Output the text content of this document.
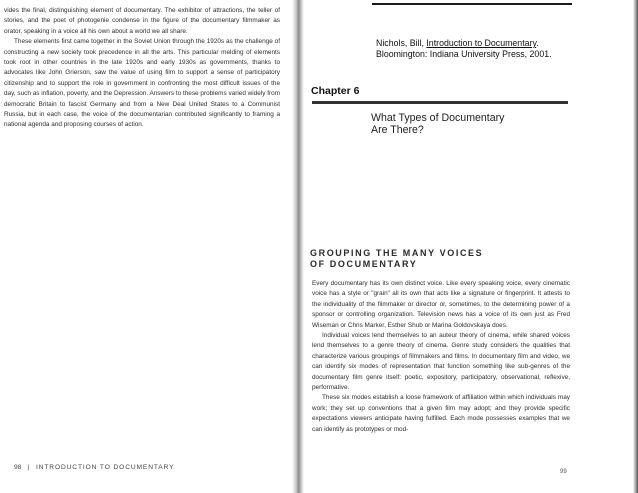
vides the final, distinguishing element of documentary. The exhibitor of attractions, the teller of stories, and the poet of photogenie condense in the figure of the documentary filmmaker as orator, speaking in a voice all his own about a world we all share.

These elements first came together in the Soviet Union through the 1920s as the challenge of constructing a new society took precedence in all the arts. This particular melding of elements took root in other countries in the late 1920s and early 1930s as governments, thanks to advocates like John Grierson, saw the value of using film to support a sense of participatory citizenship and to support the role in government in confronting the most difficult issues of the day, such as inflation, poverty, and the Depression. Answers to these problems varied widely from democratic Britain to fascist Germany and from a New Deal United States to a Communist Russia, but in each case, the voice of the documentarian contributed significantly to framing a national agenda and proposing courses of action.

98 | INTRODUCTION TO DOCUMENTARY
Nichols, Bill, Introduction to Documentary.
Bloomington: Indiana University Press, 2001.
Chapter 6
What Types of Documentary
Are There?
GROUPING THE MANY VOICES
OF DOCUMENTARY

Every documentary has its own distinct voice. Like every speaking voice, every cinematic voice has a style or "grain" all its own that acts like a signature or fingerprint. It attests to the individuality of the filmmaker or director or, sometimes, to the determining power of a sponsor or controlling organization. Television news has a voice of its own just as Fred Wiseman or Chris Marker, Esther Shub or Marina Goldovskaya does.

Individual voices lend themselves to an auteur theory of cinema, while shared voices lend themselves to a genre theory of cinema. Genre study considers the qualities that characterize various groupings of filmmakers and films. In documentary film and video, we can identify six modes of representation that function something like sub-genres of the documentary film genre itself: poetic, expository, participatory, observational, reflexive, performative.

These six modes establish a loose framework of affiliation within which individuals may work; they set up conventions that a given film may adopt; and they provide specific expectations viewers anticipate having fulfilled. Each mode possesses examples that we can identify as prototypes or mod-

99
